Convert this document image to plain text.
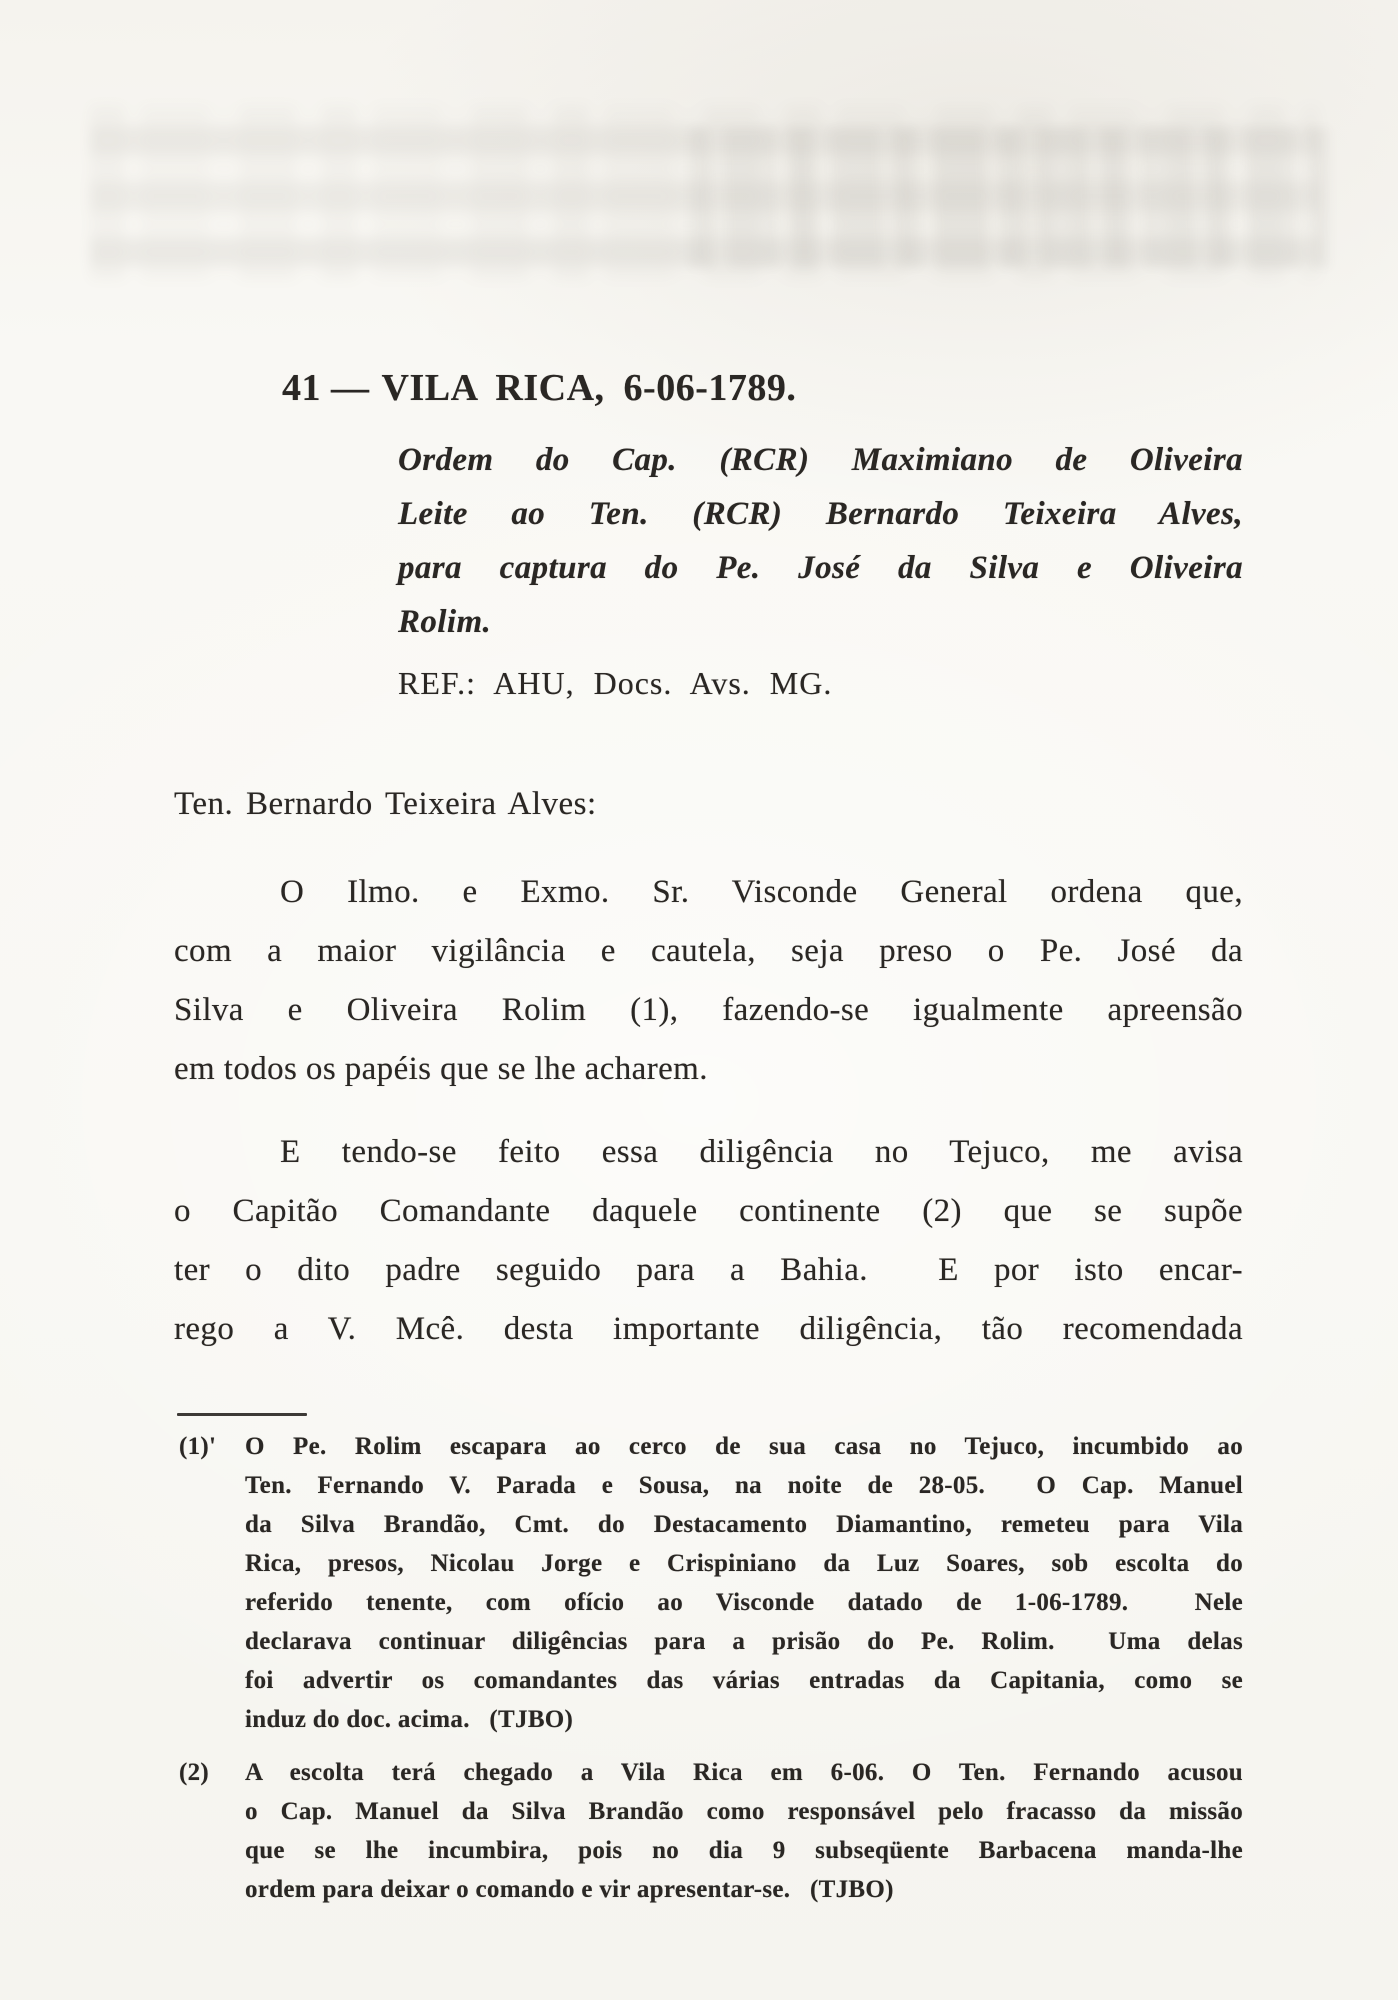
41 — VILA RICA, 6-06-1789.
Ordem do Cap. (RCR) Maximiano de Oliveira
Leite ao Ten. (RCR) Bernardo Teixeira Alves,
para captura do Pe. José da Silva e Oliveira
Rolim.
REF.: AHU, Docs. Avs. MG.
Ten. Bernardo Teixeira Alves:
O Ilmo. e Exmo. Sr. Visconde General ordena que,
com a maior vigilância e cautela, seja preso o Pe. José da
Silva e Oliveira Rolim (1), fazendo-se igualmente apreensão
em todos os papéis que se lhe acharem.
E tendo-se feito essa diligência no Tejuco, me avisa
o Capitão Comandante daquele continente (2) que se supõe
ter o dito padre seguido para a Bahia.  E por isto encar-
rego a V. Mcê. desta importante diligência, tão recomendada
(1)'	O Pe. Rolim escapara ao cerco de sua casa no Tejuco, incumbido ao
Ten. Fernando V. Parada e Sousa, na noite de 28-05.  O Cap. Manuel
da Silva Brandão, Cmt. do Destacamento Diamantino, remeteu para Vila
Rica, presos, Nicolau Jorge e Crispiniano da Luz Soares, sob escolta do
referido tenente, com ofício ao Visconde datado de 1-06-1789.  Nele
declarava continuar diligências para a prisão do Pe. Rolim.  Uma delas
foi advertir os comandantes das várias entradas da Capitania, como se
induz do doc. acima.   (TJBO)
(2)	A escolta terá chegado a Vila Rica em 6-06. O Ten. Fernando acusou
o Cap. Manuel da Silva Brandão como responsável pelo fracasso da missão
que se lhe incumbira, pois no dia 9 subseqüente Barbacena manda-lhe
ordem para deixar o comando e vir apresentar-se.   (TJBO)
